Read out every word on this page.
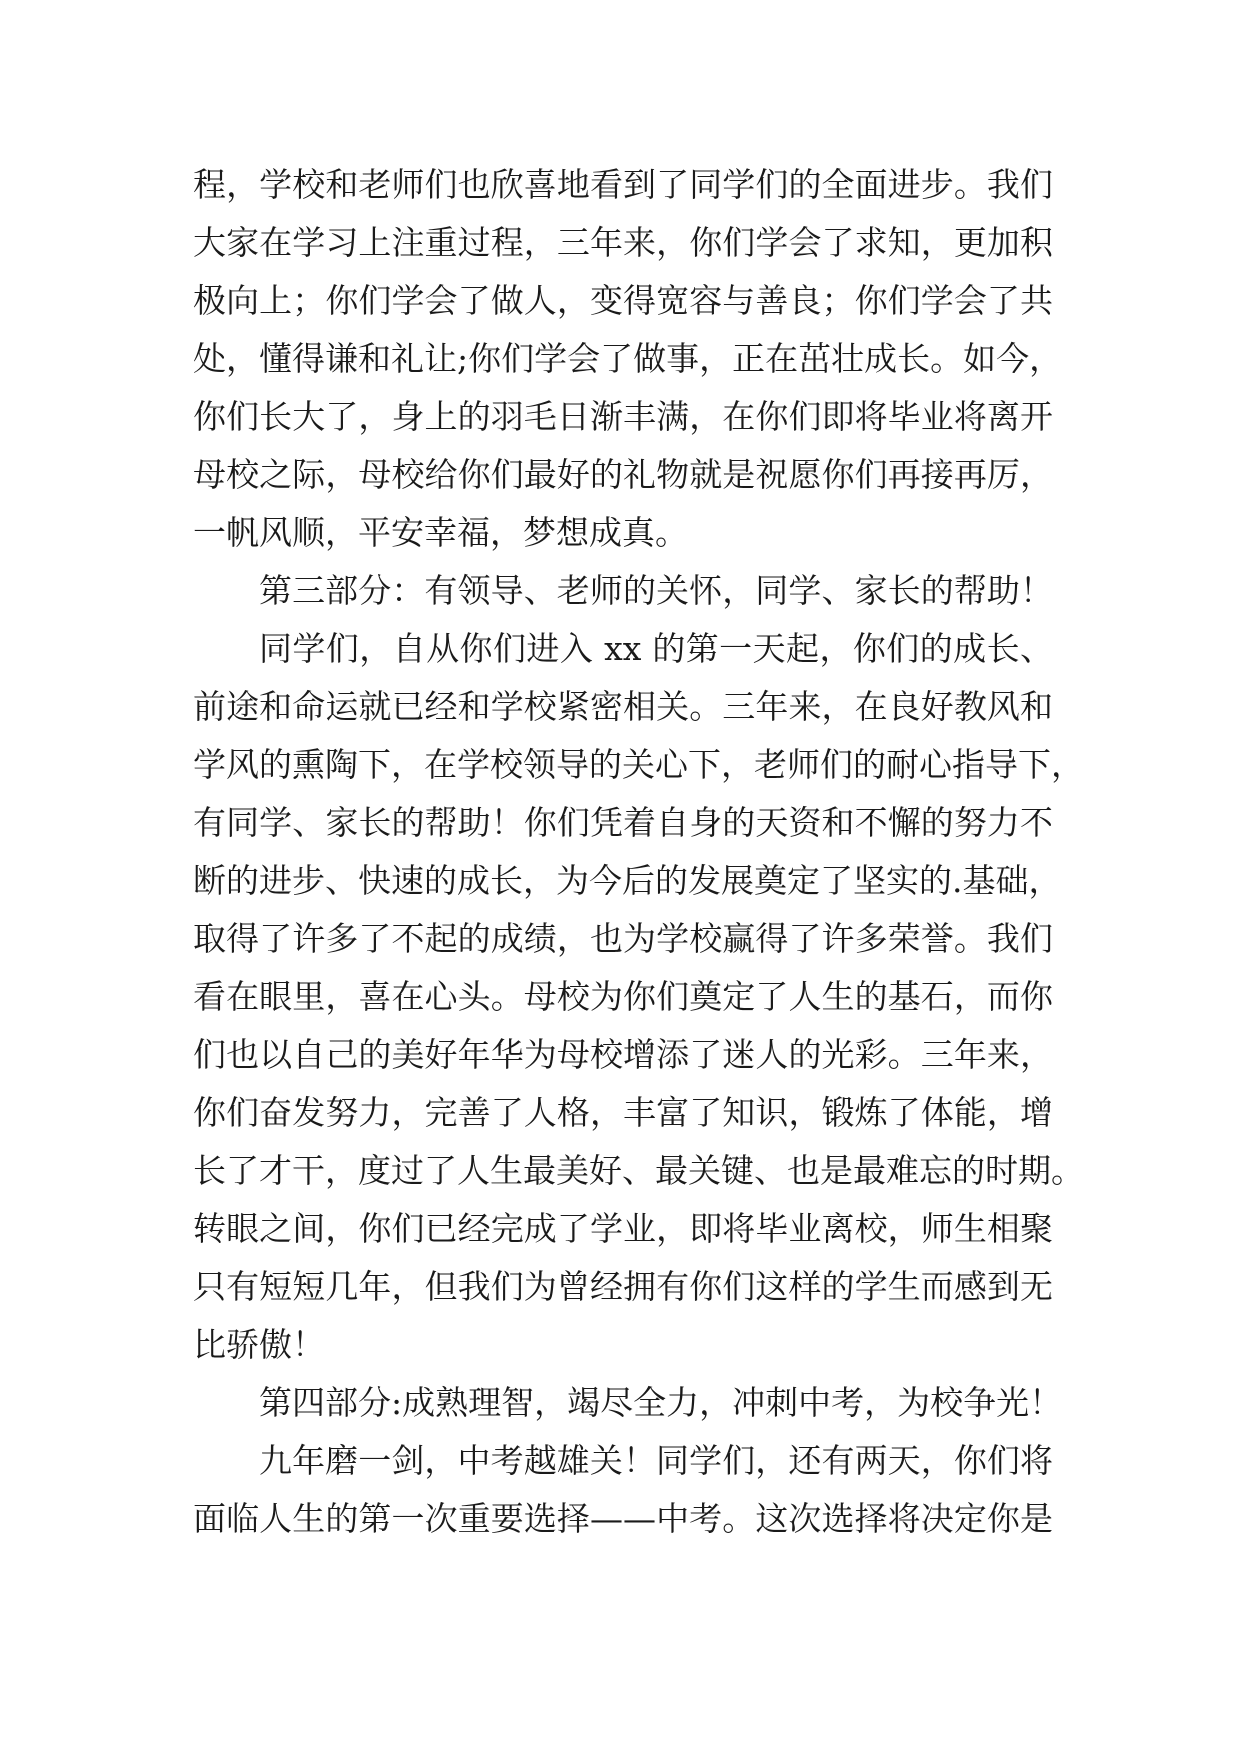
程，学校和老师们也欣喜地看到了同学们的全面进步。我们

大家在学习上注重过程，三年来，你们学会了求知，更加积

极向上；你们学会了做人，变得宽容与善良；你们学会了共

处，懂得谦和礼让;你们学会了做事，正在茁壮成长。如今，

你们长大了，身上的羽毛日渐丰满，在你们即将毕业将离开

母校之际，母校给你们最好的礼物就是祝愿你们再接再厉，

一帆风顺，平安幸福，梦想成真。

第三部分：有领导、老师的关怀，同学、家长的帮助！

同学们，自从你们进入 xx 的第一天起，你们的成长、

前途和命运就已经和学校紧密相关。三年来，在良好教风和

学风的熏陶下，在学校领导的关心下，老师们的耐心指导下，

有同学、家长的帮助！你们凭着自身的天资和不懈的努力不

断的进步、快速的成长，为今后的发展奠定了坚实的.基础，

取得了许多了不起的成绩，也为学校赢得了许多荣誉。我们

看在眼里，喜在心头。母校为你们奠定了人生的基石，而你

们也以自己的美好年华为母校增添了迷人的光彩。三年来，

你们奋发努力，完善了人格，丰富了知识，锻炼了体能，增

长了才干，度过了人生最美好、最关键、也是最难忘的时期。

转眼之间，你们已经完成了学业，即将毕业离校，师生相聚

只有短短几年，但我们为曾经拥有你们这样的学生而感到无

比骄傲！

第四部分:成熟理智，竭尽全力，冲刺中考，为校争光！

九年磨一剑，中考越雄关！同学们，还有两天，你们将

面临人生的第一次重要选择——中考。这次选择将决定你是
